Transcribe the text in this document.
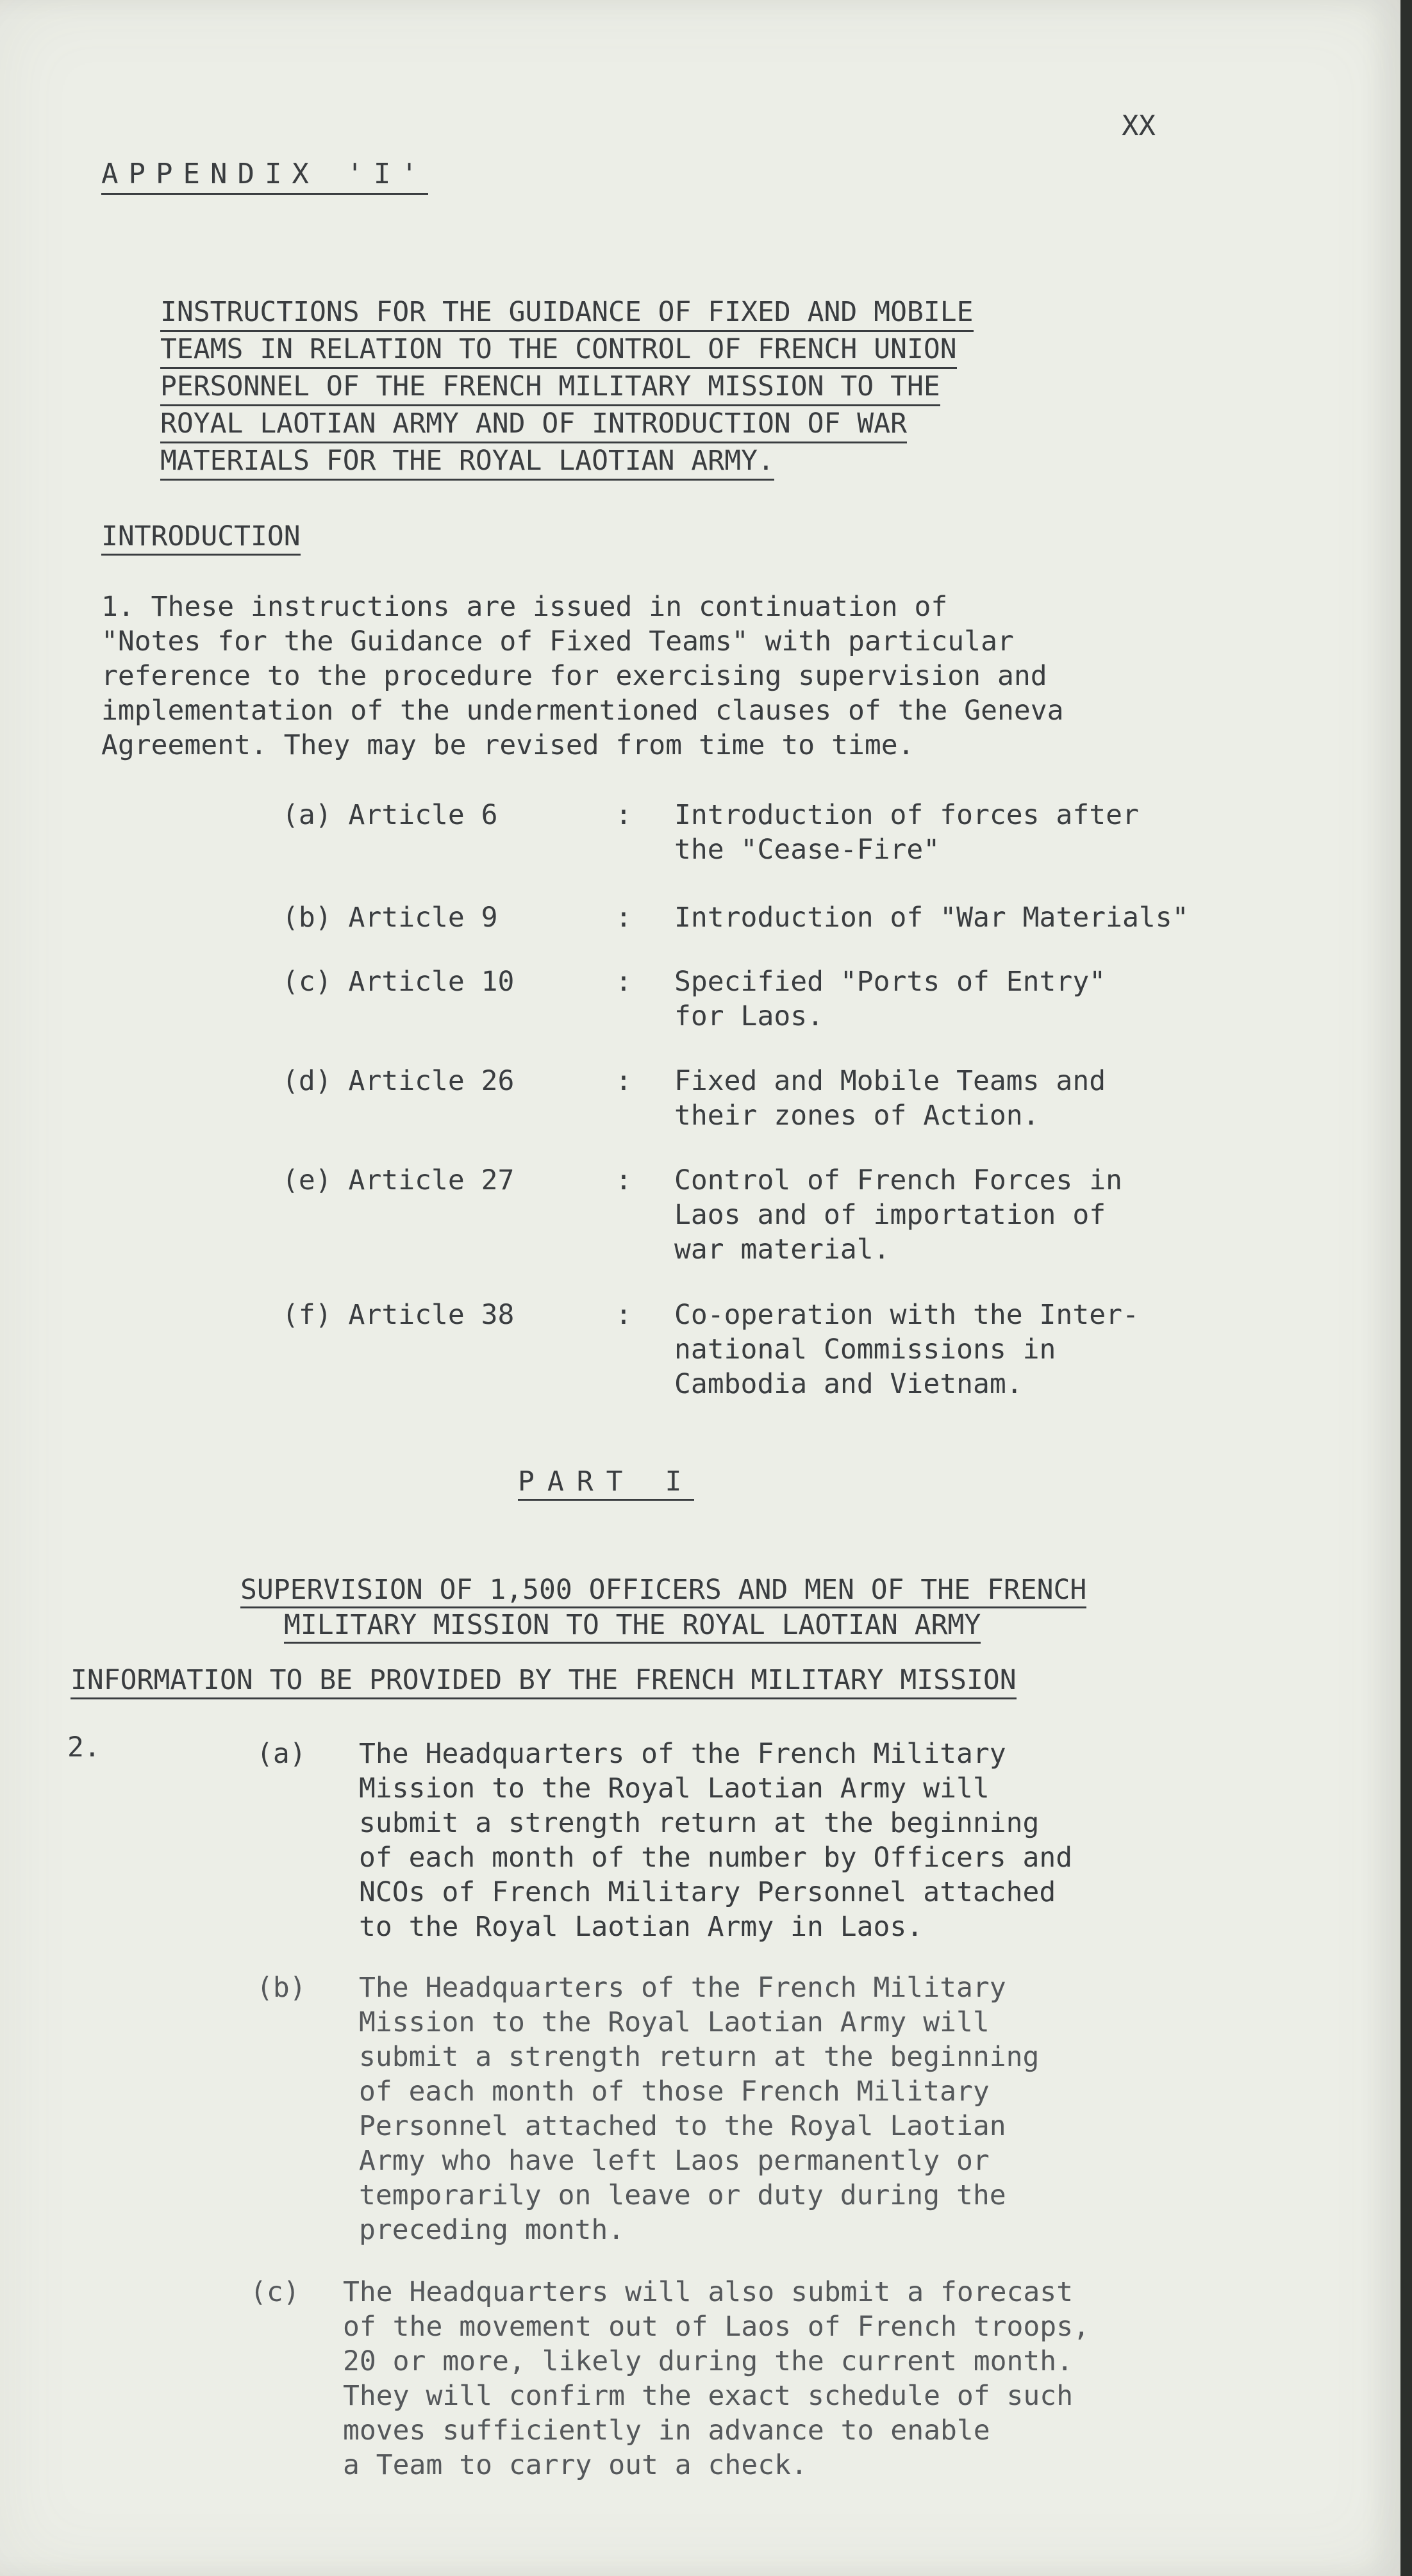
XX
APPENDIX 'I'
INSTRUCTIONS FOR THE GUIDANCE OF FIXED AND MOBILE
TEAMS IN RELATION TO THE CONTROL OF FRENCH UNION
PERSONNEL OF THE FRENCH MILITARY MISSION TO THE
ROYAL LAOTIAN ARMY AND OF INTRODUCTION OF WAR
MATERIALS FOR THE ROYAL LAOTIAN ARMY.
INTRODUCTION
1. These instructions are issued in continuation of
"Notes for the Guidance of Fixed Teams" with particular
reference to the procedure for exercising supervision and
implementation of the undermentioned clauses of the Geneva
Agreement. They may be revised from time to time.
(a) Article 6	: Introduction of forces after
the "Cease-Fire"
(b) Article 9	: Introduction of "War Materials"
(c) Article 10	: Specified "Ports of Entry"
for Laos.
(d) Article 26	: Fixed and Mobile Teams and
their zones of Action.
(e) Article 27	: Control of French Forces in
Laos and of importation of
war material.
(f) Article 38	: Co-operation with the Inter-
national Commissions in
Cambodia and Vietnam.
PART I
SUPERVISION OF 1,500 OFFICERS AND MEN OF THE FRENCH
MILITARY MISSION TO THE ROYAL LAOTIAN ARMY
INFORMATION TO BE PROVIDED BY THE FRENCH MILITARY MISSION
2.	(a) The Headquarters of the French Military
Mission to the Royal Laotian Army will
submit a strength return at the beginning
of each month of the number by Officers and
NCOs of French Military Personnel attached
to the Royal Laotian Army in Laos.
(b) The Headquarters of the French Military
Mission to the Royal Laotian Army will
submit a strength return at the beginning
of each month of those French Military
Personnel attached to the Royal Laotian
Army who have left Laos permanently or
temporarily on leave or duty during the
preceding month.
(c) The Headquarters will also submit a forecast
of the movement out of Laos of French troops,
20 or more, likely during the current month.
They will confirm the exact schedule of such
moves sufficiently in advance to enable
a Team to carry out a check.
